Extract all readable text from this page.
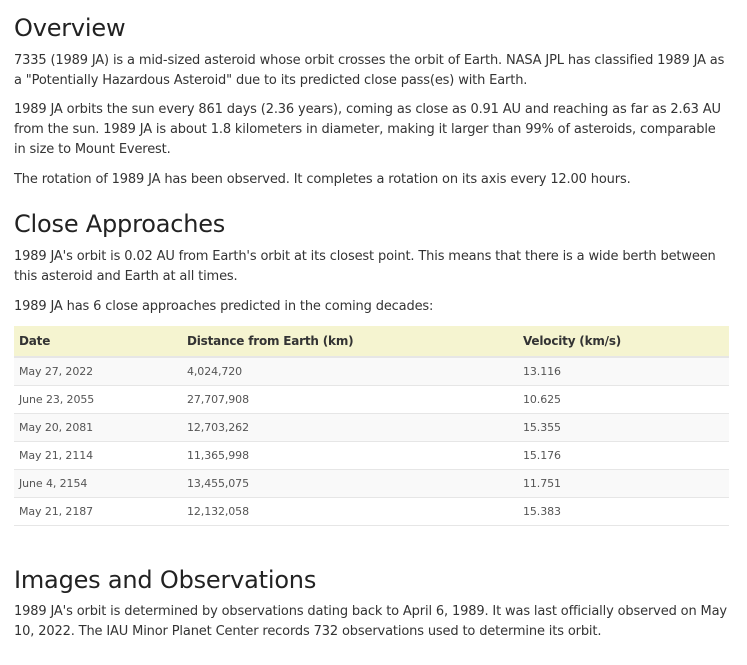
Overview

7335 (1989 JA) is a mid-sized asteroid whose orbit crosses the orbit of Earth. NASA JPL has classified 1989 JA as a "Potentially Hazardous Asteroid" due to its predicted close pass(es) with Earth.

1989 JA orbits the sun every 861 days (2.36 years), coming as close as 0.91 AU and reaching as far as 2.63 AU from the sun. 1989 JA is about 1.8 kilometers in diameter, making it larger than 99% of asteroids, comparable in size to Mount Everest.

The rotation of 1989 JA has been observed. It completes a rotation on its axis every 12.00 hours.

Close Approaches

1989 JA's orbit is 0.02 AU from Earth's orbit at its closest point. This means that there is a wide berth between this asteroid and Earth at all times.

1989 JA has 6 close approaches predicted in the coming decades:

Date	Distance from Earth (km)	Velocity (km/s)
May 27, 2022	4,024,720	13.116
June 23, 2055	27,707,908	10.625
May 20, 2081	12,703,262	15.355
May 21, 2114	11,365,998	15.176
June 4, 2154	13,455,075	11.751
May 21, 2187	12,132,058	15.383
Images and Observations

1989 JA's orbit is determined by observations dating back to April 6, 1989. It was last officially observed on May 10, 2022. The IAU Minor Planet Center records 732 observations used to determine its orbit.
